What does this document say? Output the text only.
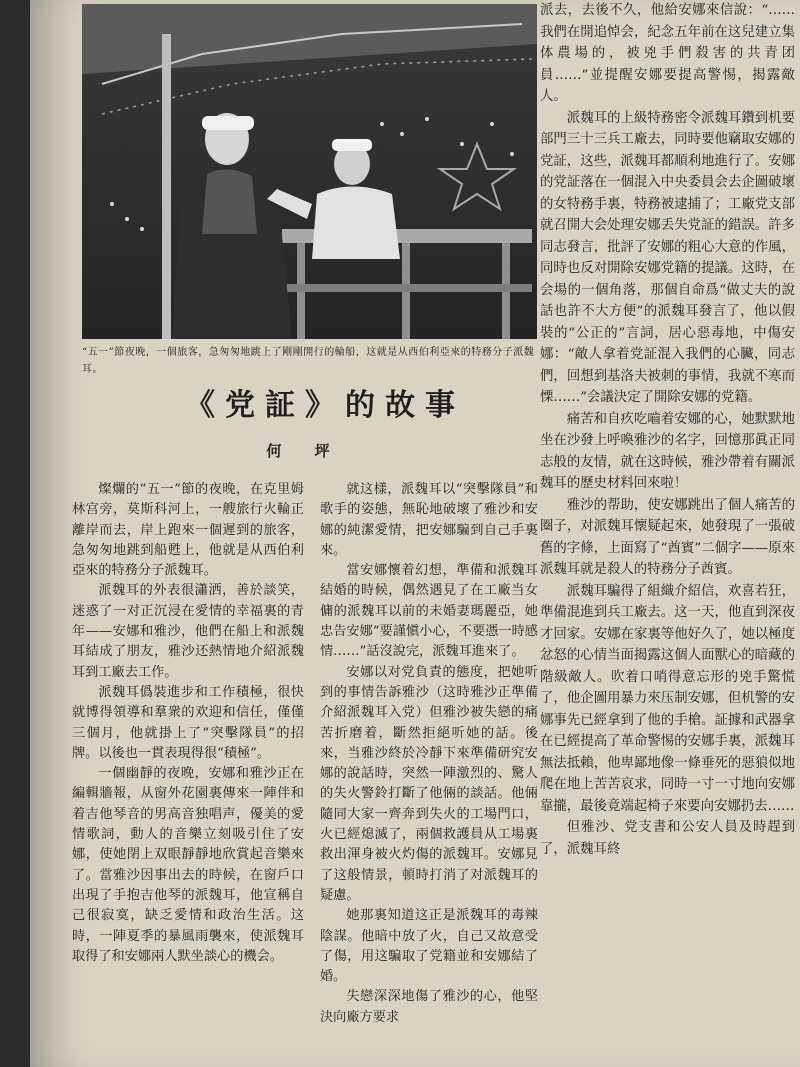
“五一”節夜晚，一個旅客，急匆匆地跳上了剛剛開行的輪船，这就是从西伯利亞來的特務分子派魏耳。
《党証》的故事
何 坪

燦爛的“五一”節的夜晚，在克里姆林宫旁，莫斯科河上，一艘旅行火輪正離岸而去，岸上跑來一個遲到的旅客，急匆匆地跳到船甦上，他就是从西伯利亞來的特務分子派魏耳。

派魏耳的外表很瀟洒，善於談笑，迷惑了一对正沉浸在愛情的幸福裏的青年——安娜和雅沙，他們在船上和派魏耳結成了朋友，雅沙还熱情地介紹派魏耳到工廠去工作。

派魏耳僞裝進步和工作積極，很快就博得領導和羣衆的欢迎和信任，僅僅三個月，他就掛上了“突擊隊員”的招牌。以後也一貫表現得很“積極”。

一個幽靜的夜晚，安娜和雅沙正在編輯牆報，从窗外花園裏傳來一陣伴和着吉他琴音的男高音独唱声，優美的愛情歌詞，動人的音樂立刻吸引住了安娜，使她閉上双眼靜靜地欣賞起音樂來了。當雅沙因事出去的時候，在窗戶口出現了手抱吉他琴的派魏耳，他宣稱自己很寂寞，缺乏愛情和政治生活。这時，一陣夏季的暴風雨襲來，使派魏耳取得了和安娜兩人默坐談心的機会。

就这樣，派魏耳以“突擊隊員”和歌手的姿態，無恥地破壞了雅沙和安娜的純潔愛情，把安娜騙到自己手裏來。

當安娜懷着幻想，準備和派魏耳結婚的時候，偶然遇見了在工廠当女傭的派魏耳以前的未婚妻瑪麗亞，她忠告安娜“要謹愼小心，不要憑一時感情……”話沒說完，派魏耳進來了。

安娜以对党負責的態度，把她听到的事情告訴雅沙（这時雅沙正準備介紹派魏耳入党）但雅沙被失戀的痛苦折磨着，斷然拒絕听她的話。後來，当雅沙終於冷靜下來準備研究安娜的說話時，突然一陣激烈的、驚人的失火警鈴打斷了他倆的談話。他倆隨同大家一齊奔到失火的工場門口，火已經熄滅了，兩個救護員从工場裏救出渾身被火灼傷的派魏耳。安娜見了这般情景，頓時打消了对派魏耳的疑慮。

她那裏知道这正是派魏耳的毒辣陰謀。他暗中放了火，自己又故意受了傷，用这騙取了党籍並和安娜結了婚。

失戀深深地傷了雅沙的心，他堅決向廠方要求

派去，去後不久，他給安娜來信說：“……我們在開追悼会，紀念五年前在这兒建立集体農場的，被兇手們殺害的共青团員……”並提醒安娜要提高警惕，揭露敵人。

派魏耳的上級特務密令派魏耳鑽到机要部門三十三兵工廠去，同時要他竊取安娜的党証，这些，派魏耳都順利地進行了。安娜的党証落在一個混入中央委員会去企圖破壞的女特務手裏，特務被逮捕了；工廠党支部就召開大会处理安娜丢失党証的錯誤。許多同志發言，批評了安娜的粗心大意的作風，同時也反对開除安娜党籍的提議。这時，在会場的一個角落，那個自命爲“做丈夫的說話也許不大方便”的派魏耳發言了，他以假裝的“公正的”言詞，居心惡毒地，中傷安娜：“敵人拿着党証混入我們的心臟，同志們，回想到基洛夫被刺的事情，我就不寒而慄……”会議決定了開除安娜的党籍。

痛苦和自疚吃嚙着安娜的心，她默默地坐在沙發上呼喚雅沙的名字，回憶那眞正同志般的友情，就在这時候，雅沙帶着有關派魏耳的歷史材料回來啦！

雅沙的帮助，使安娜跳出了個人痛苦的圈子，对派魏耳懷疑起來，她發現了一張破舊的字條，上面寫了“酋賓”二個字——原來派魏耳就是殺人的特務分子酋賓。

派魏耳騙得了組織介紹信，欢喜若狂，準備混進到兵工廠去。这一天，他直到深夜才回家。安娜在家裏等他好久了，她以極度忿怒的心情当面揭露这個人面獸心的暗藏的階級敵人。吹着口哨得意忘形的兇手驚慌了，他企圖用暴力來压制安娜，但机警的安娜事先已經拿到了他的手槍。証據和武器拿在已經提高了革命警惕的安娜手裏，派魏耳無法抵賴，他卑鄙地像一條垂死的惡狼似地爬在地上苦苦哀求，同時一寸一寸地向安娜靠攏，最後竟端起椅子來要向安娜扔去……

但雅沙、党支書和公安人員及時趕到了，派魏耳終
